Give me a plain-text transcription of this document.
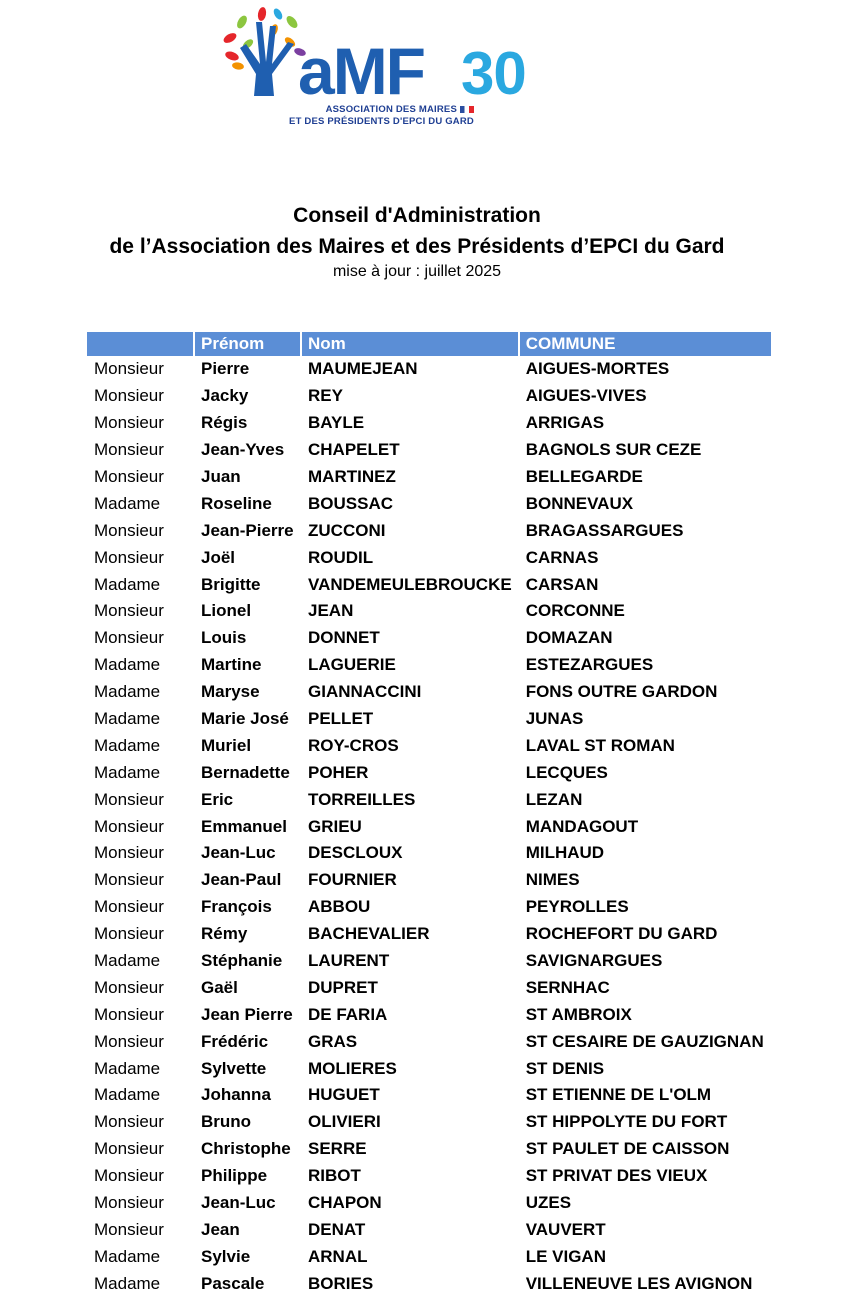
aMF 30
ASSOCIATION DES MAIRES
ET DES PRÉSIDENTS D'EPCI DU GARD
Conseil d'Administration
de l’Association des Maires et des Présidents d’EPCI du Gard
mise à jour : juillet 2025
	Prénom	Nom	COMMUNE
Monsieur	Pierre	MAUMEJEAN	AIGUES-MORTES
Monsieur	Jacky	REY	AIGUES-VIVES
Monsieur	Régis	BAYLE	ARRIGAS
Monsieur	Jean-Yves	CHAPELET	BAGNOLS SUR CEZE
Monsieur	Juan	MARTINEZ	BELLEGARDE
Madame	Roseline	BOUSSAC	BONNEVAUX
Monsieur	Jean-Pierre	ZUCCONI	BRAGASSARGUES
Monsieur	Joël	ROUDIL	CARNAS
Madame	Brigitte	VANDEMEULEBROUCKE	CARSAN
Monsieur	Lionel	JEAN	CORCONNE
Monsieur	Louis	DONNET	DOMAZAN
Madame	Martine	LAGUERIE	ESTEZARGUES
Madame	Maryse	GIANNACCINI	FONS OUTRE GARDON
Madame	Marie José	PELLET	JUNAS
Madame	Muriel	ROY-CROS	LAVAL ST ROMAN
Madame	Bernadette	POHER	LECQUES
Monsieur	Eric	TORREILLES	LEZAN
Monsieur	Emmanuel	GRIEU	MANDAGOUT
Monsieur	Jean-Luc	DESCLOUX	MILHAUD
Monsieur	Jean-Paul	FOURNIER	NIMES
Monsieur	François	ABBOU	PEYROLLES
Monsieur	Rémy	BACHEVALIER	ROCHEFORT DU GARD
Madame	Stéphanie	LAURENT	SAVIGNARGUES
Monsieur	Gaël	DUPRET	SERNHAC
Monsieur	Jean Pierre	DE FARIA	ST AMBROIX
Monsieur	Frédéric	GRAS	ST CESAIRE DE GAUZIGNAN
Madame	Sylvette	MOLIERES	ST DENIS
Madame	Johanna	HUGUET	ST ETIENNE DE L'OLM
Monsieur	Bruno	OLIVIERI	ST HIPPOLYTE DU FORT
Monsieur	Christophe	SERRE	ST PAULET DE CAISSON
Monsieur	Philippe	RIBOT	ST PRIVAT DES VIEUX
Monsieur	Jean-Luc	CHAPON	UZES
Monsieur	Jean	DENAT	VAUVERT
Madame	Sylvie	ARNAL	LE VIGAN
Madame	Pascale	BORIES	VILLENEUVE LES AVIGNON
